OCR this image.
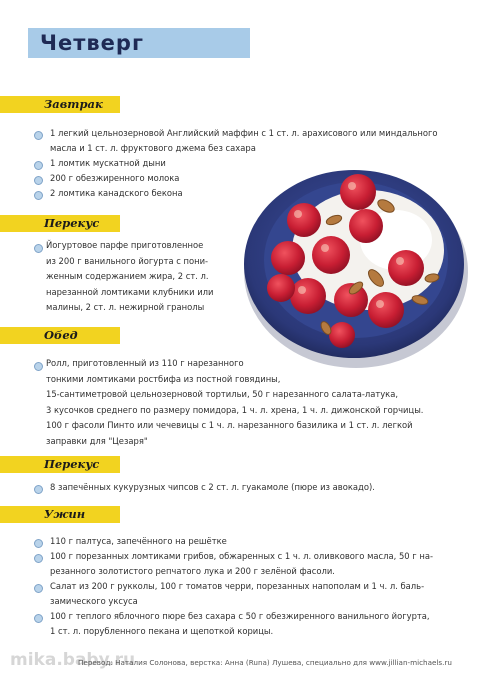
Четверг
Завтрак
1 легкий цельнозерновой Английский маффин с 1 ст. л. арахисового или миндального
масла и 1 ст. л. фруктового джема без сахара
1 ломтик мускатной дыни
200 г обезжиренного молока
2 ломтика канадского бекона
Перекус
Йогуртовое парфе приготовленное
из 200 г ванильного йогурта с пони-
женным содержанием жира, 2 ст. л.
нарезанной ломтиками клубники или
малины, 2 ст. л. нежирной гранолы
Обед
Ролл, приготовленный из 110 г нарезанного
тонкими ломтиками ростбифа из постной говядины,
15-сантиметровой цельнозерновой тортильи, 50 г нарезанного салата-латука,
3 кусочков среднего по размеру помидора, 1 ч. л. хрена, 1 ч. л. дижонской горчицы.
100 г фасоли Пинто или чечевицы с 1 ч. л. нарезанного базилика и 1 ст. л. легкой
заправки для "Цезаря"
Перекус
8 запечённых кукурузных чипсов с 2 ст. л. гуакамоле (пюре из авокадо).
Ужин
110 г палтуса, запечённого на решётке
100 г порезанных ломтиками грибов, обжаренных с 1 ч. л. оливкового масла, 50 г на-
резанного золотистого репчатого лука и 200 г зелёной фасоли.
Салат из 200 г рукколы, 100 г томатов черри, порезанных напополам и 1 ч. л. баль-
замического уксуса
100 г теплого яблочного пюре без сахара с 50 г обезжиренного ванильного йогурта,
1 ст. л. порубленного пекана и щепоткой корицы.
mika.baby.ru
Перевод: Наталия Солонова, верстка: Анна (Runa) Лушева, специально для www.jillian-michaels.ru
